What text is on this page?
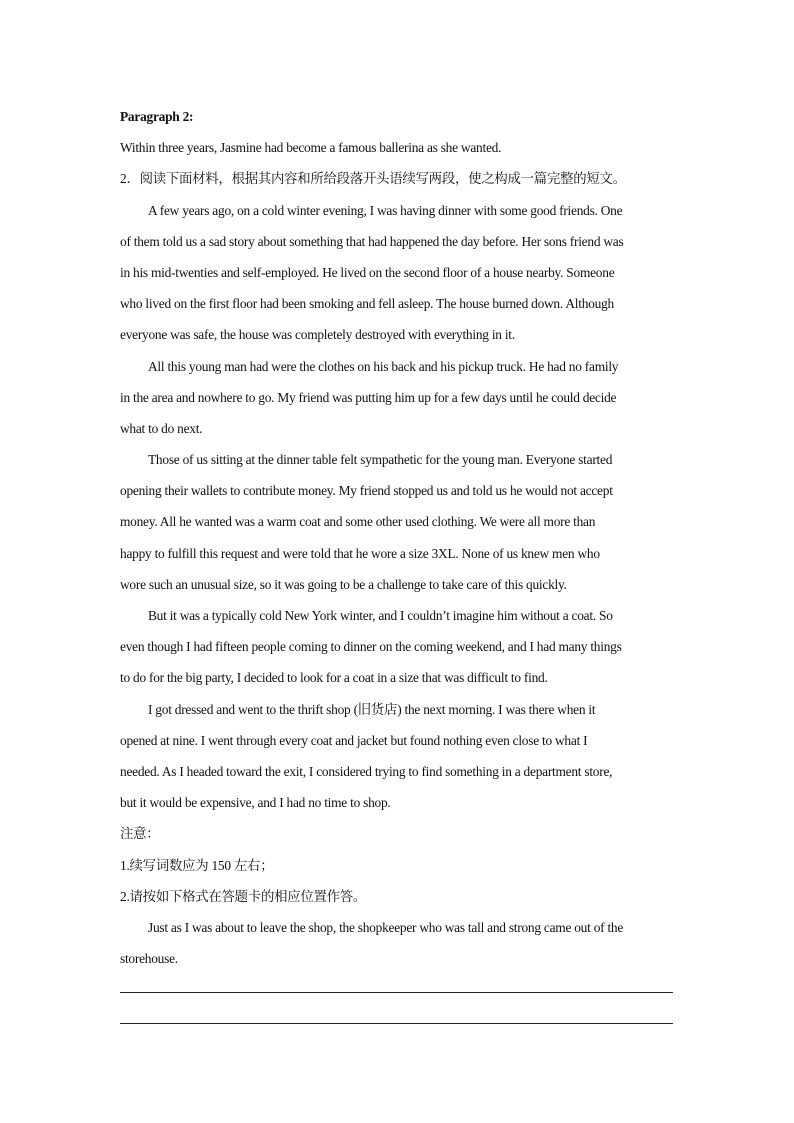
Paragraph 2:
Within three years, Jasmine had become a famous ballerina as she wanted.
2．阅读下面材料，根据其内容和所给段落开头语续写两段，使之构成一篇完整的短文。
A few years ago, on a cold winter evening, I was having dinner with some good friends. One
of them told us a sad story about something that had happened the day before. Her sons friend was
in his mid-twenties and self-employed. He lived on the second floor of a house nearby. Someone
who lived on the first floor had been smoking and fell asleep. The house burned down. Although
everyone was safe, the house was completely destroyed with everything in it.
All this young man had were the clothes on his back and his pickup truck. He had no family
in the area and nowhere to go. My friend was putting him up for a few days until he could decide
what to do next.
Those of us sitting at the dinner table felt sympathetic for the young man. Everyone started
opening their wallets to contribute money. My friend stopped us and told us he would not accept
money. All he wanted was a warm coat and some other used clothing. We were all more than
happy to fulfill this request and were told that he wore a size 3XL. None of us knew men who
wore such an unusual size, so it was going to be a challenge to take care of this quickly.
But it was a typically cold New York winter, and I couldn’t imagine him without a coat. So
even though I had fifteen people coming to dinner on the coming weekend, and I had many things
to do for the big party, I decided to look for a coat in a size that was difficult to find.
I got dressed and went to the thrift shop (旧货店) the next morning. I was there when it
opened at nine. I went through every coat and jacket but found nothing even close to what I
needed. As I headed toward the exit, I considered trying to find something in a department store,
but it would be expensive, and I had no time to shop.
注意：
1.续写词数应为 150 左右；
2.请按如下格式在答题卡的相应位置作答。
Just as I was about to leave the shop, the shopkeeper who was tall and strong came out of the
storehouse.
